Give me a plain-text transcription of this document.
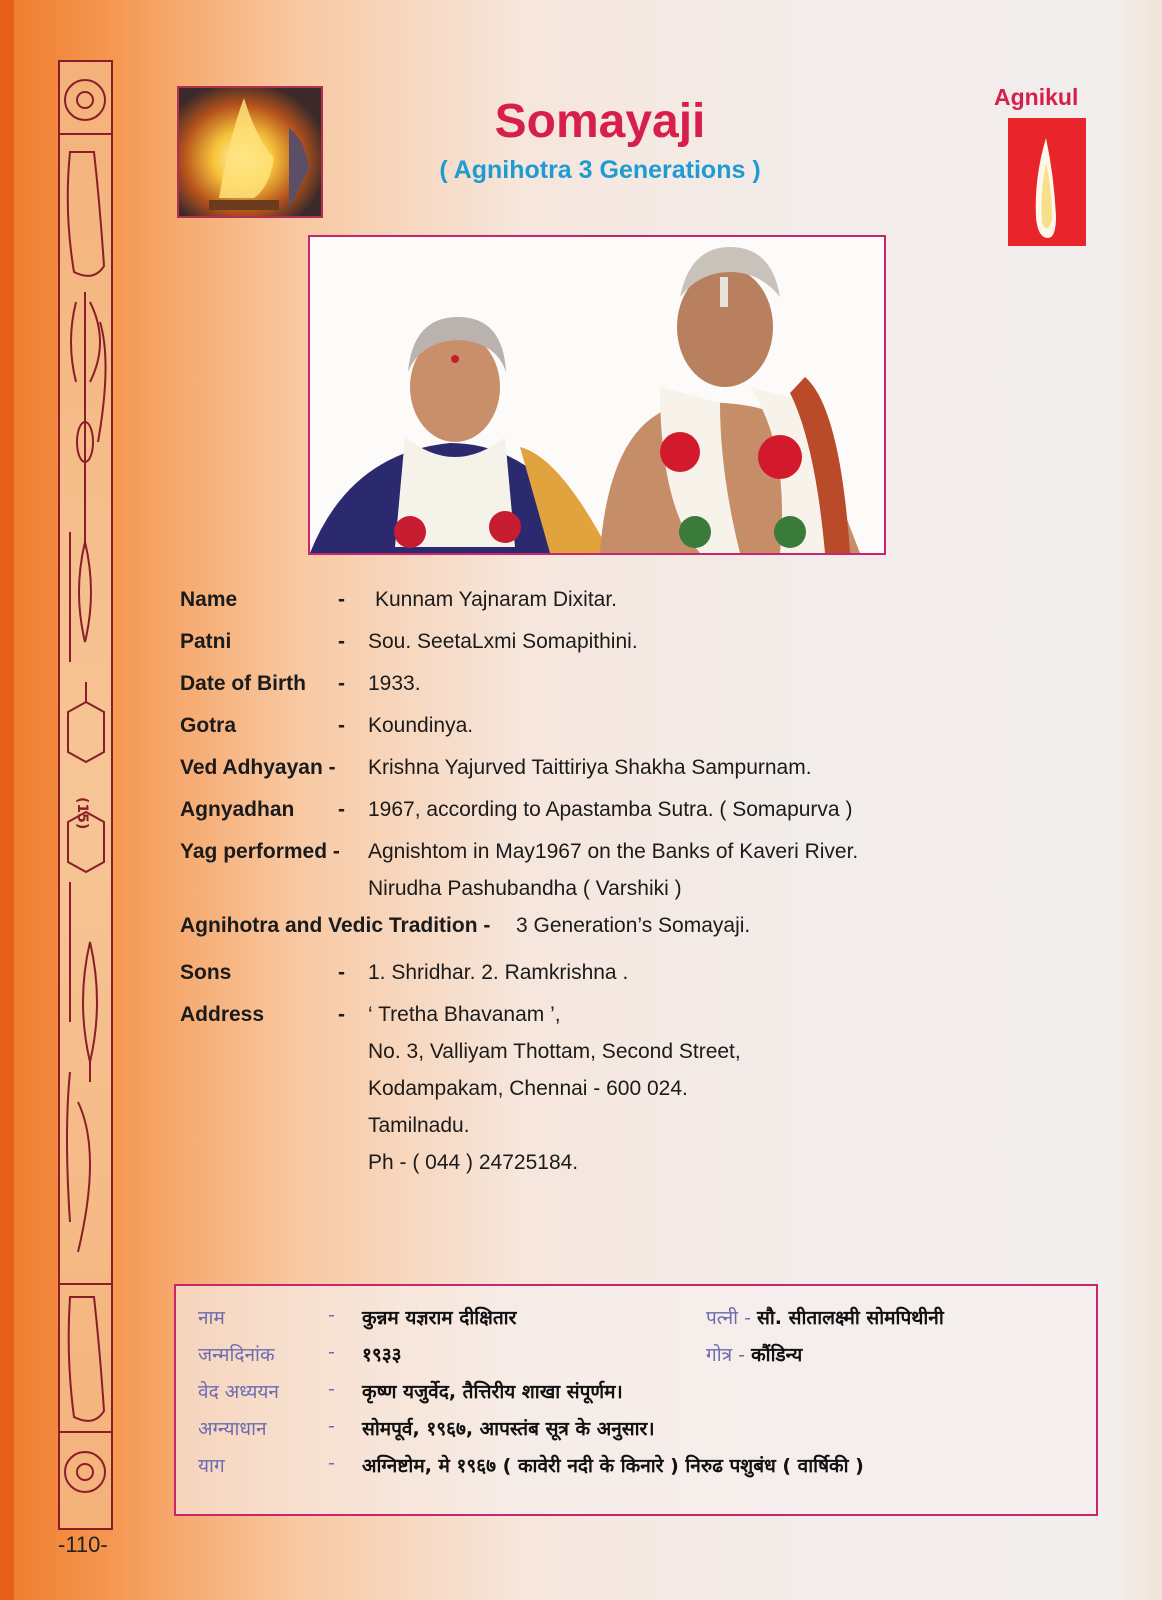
(15)
-110-
Somayaji
( Agnihotra 3 Generations )
Agnikul
Name	- Kunnam Yajnaram Dixitar.
Patni	- Sou. SeetaLxmi Somapithini.
Date of Birth - 1933.
Gotra	- Koundinya.
Ved Adhyayan - Krishna Yajurved Taittiriya Shakha Sampurnam.
Agnyadhan - 1967, according to Apastamba Sutra. ( Somapurva )
Yag performed - Agnishtom in May1967 on the Banks of Kaveri River.
Nirudha Pashubandha ( Varshiki )
Agnihotra and Vedic Tradition - 3 Generation’s Somayaji.
Sons	- 1. Shridhar. 2. Ramkrishna .
Address	- ‘ Tretha Bhavanam ’,
No. 3, Valliyam Thottam, Second Street,
Kodampakam, Chennai - 600 024.
Tamilnadu.
Ph - ( 044 ) 24725184.
नाम	- कुन्नम यज्ञराम दीक्षितार	पत्नी - सौ. सीतालक्ष्मी सोमपिथीनी
जन्मदिनांक	- १९३३	गोत्र - कौंडिन्य
वेद अध्ययन	- कृष्ण यजुर्वेद, तैत्तिरीय शाखा संपूर्णम।
अग्न्याधान	- सोमपूर्व, १९६७, आपस्तंब सूत्र के अनुसार।
याग	- अग्निष्टोम, मे १९६७ ( कावेरी नदी के किनारे ) निरुढ पशुबंध ( वार्षिकी )
